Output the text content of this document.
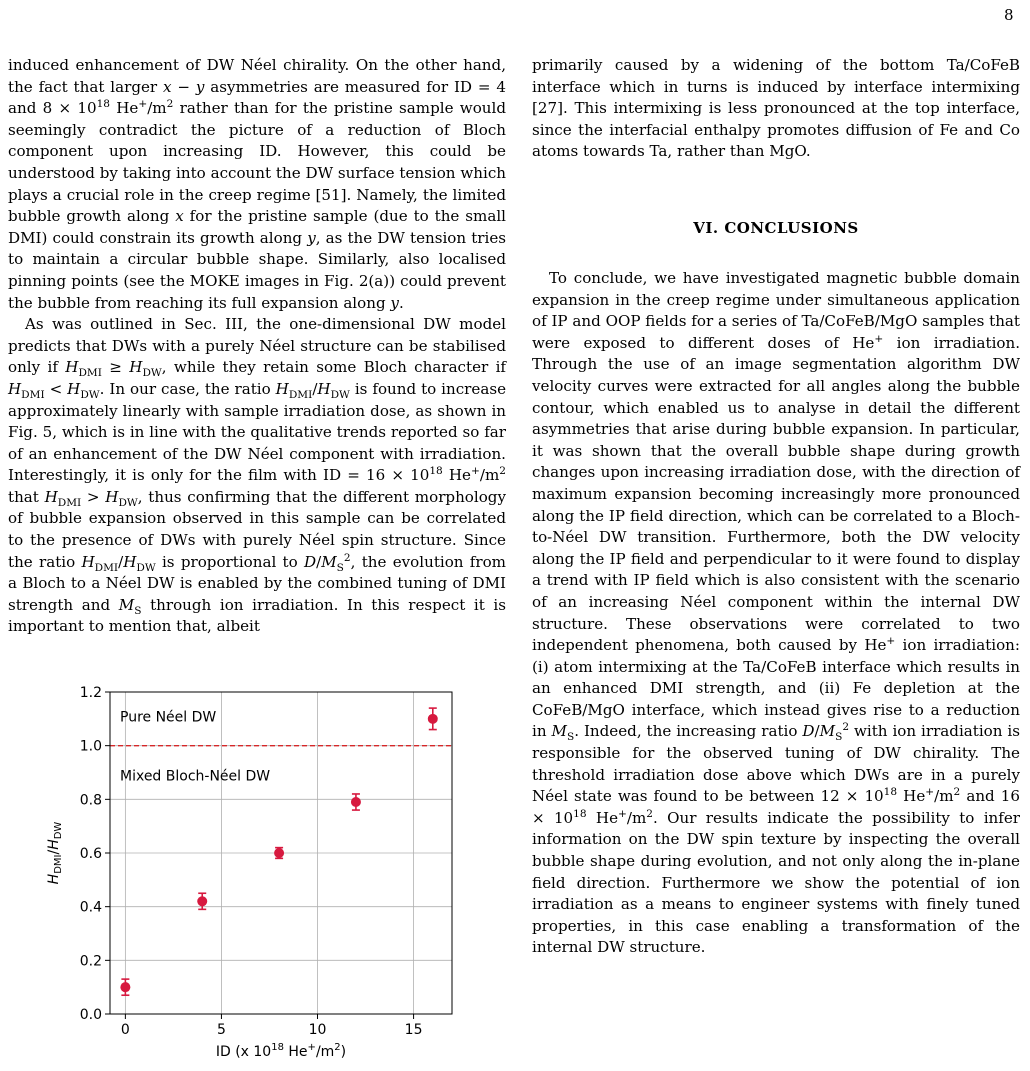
8

induced enhancement of DW Néel chirality. On the other hand, the fact that larger x − y asymmetries are measured for ID = 4 and $8 \times 10^{18}$ $He^+/m^2$ rather than for the pristine sample would seemingly contradict the picture of a reduction of Bloch component upon increasing ID. However, this could be understood by taking into account the DW surface tension which plays a crucial role in the creep regime [51]. Namely, the limited bubble growth along x for the pristine sample (due to the small DMI) could constrain its growth along y, as the DW tension tries to maintain a circular bubble shape. Similarly, also localised pinning points (see the MOKE images in Fig. 2(a)) could prevent the bubble from reaching its full expansion along y.

As was outlined in Sec. III, the one-dimensional DW model predicts that DWs with a purely Néel structure can be stabilised only if $H_{DMI} \ge H_{DW}$, while they retain some Bloch character if $H_{DMI} < H_{DW}$. In our case, the ratio $H_{DMI}/H_{DW}$ is found to increase approximately linearly with sample irradiation dose, as shown in Fig. 5, which is in line with the qualitative trends reported so far of an enhancement of the DW Néel component with irradiation. Interestingly, it is only for the film with ID = $16 \times 10^{18}$ $He^+/m^2$ that $H_{DMI} > H_{DW}$, thus confirming that the different morphology of bubble expansion observed in this sample can be correlated to the presence of DWs with purely Néel spin structure. Since the ratio $H_{DMI}/H_{DW}$ is proportional to $D/M_S^2$, the evolution from a Bloch to a Néel DW is enabled by the combined tuning of DMI strength and $M_S$ through ion irradiation. In this respect it is important to mention that, albeit

primarily caused by a widening of the bottom Ta/CoFeB interface which in turns is induced by interface intermixing [27]. This intermixing is less pronounced at the top interface, since the interfacial enthalpy promotes diffusion of Fe and Co atoms towards Ta, rather than MgO.

VI. CONCLUSIONS

To conclude, we have investigated magnetic bubble domain expansion in the creep regime under simultaneous application of IP and OOP fields for a series of Ta/CoFeB/MgO samples that were exposed to different doses of He+ ion irradiation. Through the use of an image segmentation algorithm DW velocity curves were extracted for all angles along the bubble contour, which enabled us to analyse in detail the different asymmetries that arise during bubble expansion. In particular, it was shown that the overall bubble shape during growth changes upon increasing irradiation dose, with the direction of maximum expansion becoming increasingly more pronounced along the IP field direction, which can be correlated to a Bloch-to-Néel DW transition. Furthermore, both the DW velocity along the IP field and perpendicular to it were found to display a trend with IP field which is also consistent with the scenario of an increasing Néel component within the internal DW structure. These observations were correlated to two independent phenomena, both caused by He+ ion irradiation: (i) atom intermixing at the Ta/CoFeB interface which results in an enhanced DMI strength, and (ii) Fe depletion at the CoFeB/MgO interface, which instead gives rise to a reduction in $M_S$. Indeed, the increasing ratio $D/M_S^2$ with ion irradiation is responsible for the observed tuning of DW chirality. The threshold irradiation dose above which DWs are in a purely Néel state was found to be between $12 \times 10^{18}$ $He^+/m^2$ and $16 \times 10^{18}$ $He^+/m^2$. Our results indicate the possibility to infer information on the DW spin texture by inspecting the overall bubble shape during evolution, and not only along the in-plane field direction. Furthermore we show the potential of ion irradiation as a means to engineer systems with finely tuned properties, in this case enabling a transformation of the internal DW structure.

0	5	10	15
0.0
0.2
0.4
0.6
0.8
1.0
1.2
Pure Néel DW
Mixed Bloch-Néel DW
ID (x $10^{18}$ $He^+/m^2$)
$H_{DMI}/H_{DW}$
